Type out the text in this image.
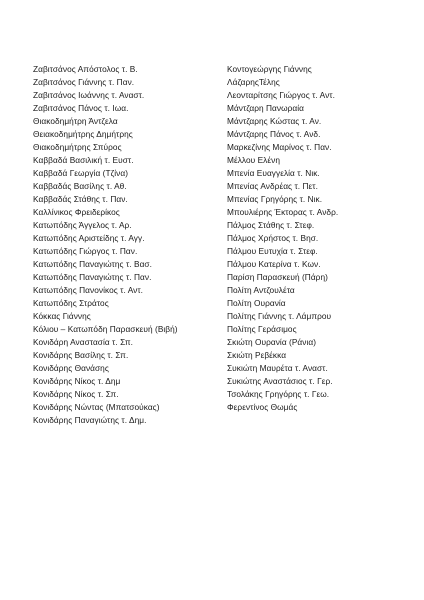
Ζαβιτσάνος Απόστολος τ. Β.
Ζαβιτσάνος Γιάννης τ. Παν.
Ζαβιτσάνος Ιωάννης τ. Αναστ.
Ζαβιτσάνος Πάνος τ. Ιωα.
Θιακοδημήτρη Άντζελα
Θειακοδημήτρης Δημήτρης
Θιακοδημήτρης Σπύρος
Καββαδά Βασιλική τ. Ευστ.
Καββαδά Γεωργία (Τζίνα)
Καββαδάς Βασίλης τ. Αθ.
Καββαδάς Στάθης τ. Παν.
Καλλίνικος Φρειδερίκος
Κατωπόδης Άγγελος τ. Αρ.
Κατωπόδης Αριστείδης τ. Αγγ.
Κατωπόδης Γιώργος τ. Παν.
Κατωπόδης Παναγιώτης τ. Βασ.
Κατωπόδης Παναγιώτης τ. Παν.
Κατωπόδης Πανονίκος τ. Αντ.
Κατωπόδης Στράτος
Κόκκας Γιάννης
Κόλιου – Κατωπόδη Παρασκευή (Βιβή)
Κονιδάρη Αναστασία τ. Σπ.
Κονιδάρης Βασίλης τ. Σπ.
Κονιδάρης Θανάσης
Κονιδάρης Νίκος τ. Δημ
Κονιδάρης Νίκος τ. Σπ.
Κονιδάρης Νώντας (Μπατσούκας)
Κονιδάρης Παναγιώτης τ. Δημ.
Κοντογεώργης Γιάννης
ΛάζαρηςΤέλης
Λεονταρίτσης Γιώργος τ. Αντ.
Μάντζαρη Πανωραία
Μάντζαρης Κώστας τ. Αν.
Μάντζαρης Πάνος τ. Ανδ.
Μαρκεζίνης Μαρίνος τ. Παν.
Μέλλου Ελένη
Μπενία Ευαγγελία τ. Νικ.
Μπενίας Ανδρέας τ. Πετ.
Μπενίας Γρηγόρης τ. Νικ.
Μπουλιέρης Έκτορας τ. Ανδρ.
Πάλμος Στάθης τ. Στεφ.
Πάλμος Χρήστος τ. Βησ.
Πάλμου Ευτυχία τ. Στεφ.
Πάλμου Κατερίνα τ. Κων.
Παρίση Παρασκευή (Πάρη)
Πολίτη Αντζουλέτα
Πολίτη Ουρανία
Πολίτης Γιάννης τ. Λάμπρου
Πολίτης Γεράσιμος
Σκιώτη Ουρανία (Ράνια)
Σκιώτη Ρεβέκκα
Συκιώτη Μαυρέτα τ. Αναστ.
Συκιώτης Αναστάσιος τ. Γερ.
Τσολάκης Γρηγόρης τ. Γεω.
Φερεντίνος Θωμάς
